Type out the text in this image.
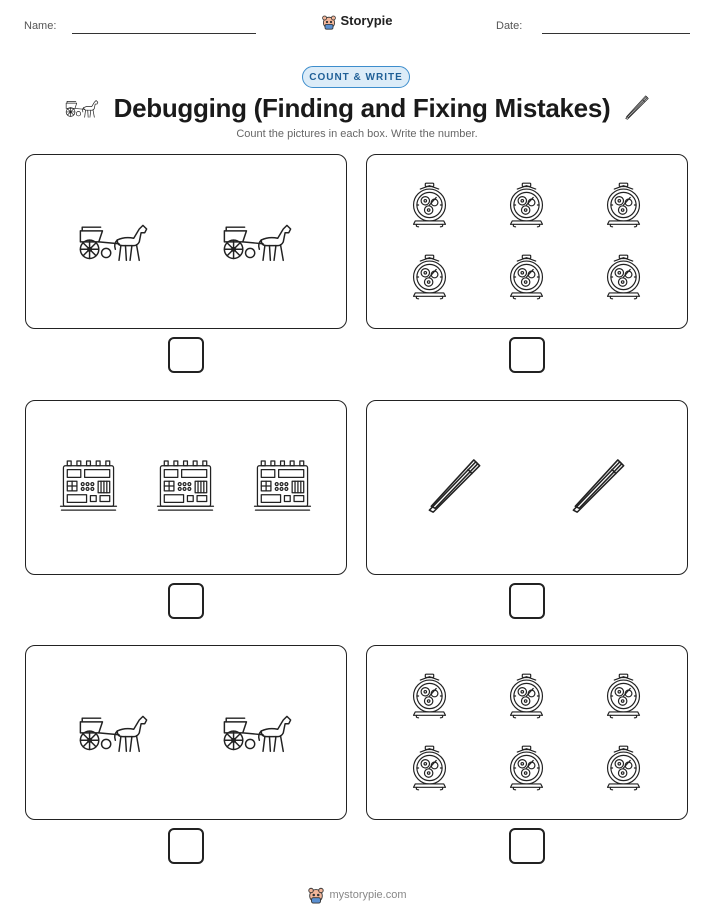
Name:	Storypie	Date:
COUNT & WRITE
Debugging (Finding and Fixing Mistakes)
Count the pictures in each box. Write the number.
mystorypie.com
